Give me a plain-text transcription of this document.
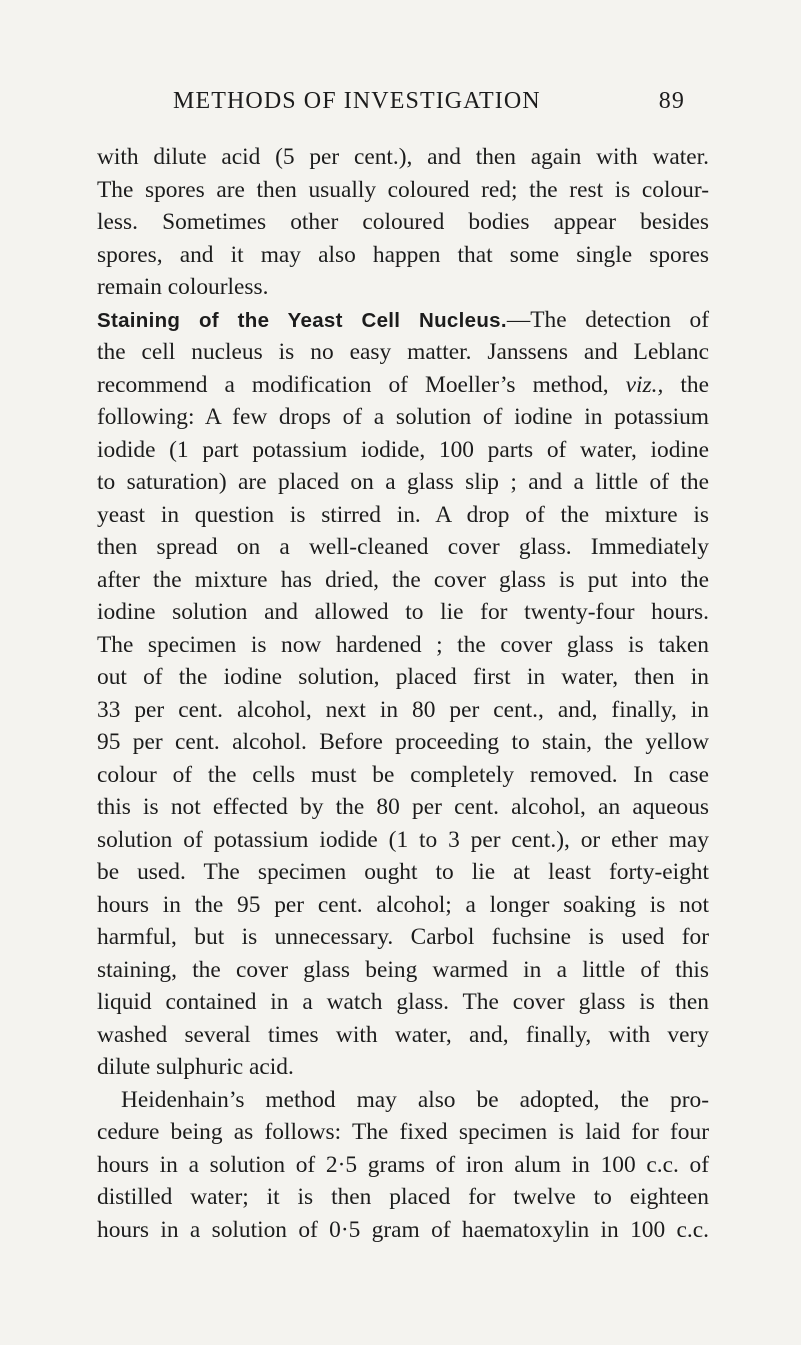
METHODS OF INVESTIGATION	89
with dilute acid (5 per cent.), and then again with water.
The spores are then usually coloured red; the rest is colour-
less. Sometimes other coloured bodies appear besides
spores, and it may also happen that some single spores
remain colourless.
Staining of the Yeast Cell Nucleus.—The detection of
the cell nucleus is no easy matter. Janssens and Leblanc
recommend a modification of Moeller’s method, viz., the
following: A few drops of a solution of iodine in potassium
iodide (1 part potassium iodide, 100 parts of water, iodine
to saturation) are placed on a glass slip ; and a little of the
yeast in question is stirred in. A drop of the mixture is
then spread on a well-cleaned cover glass. Immediately
after the mixture has dried, the cover glass is put into the
iodine solution and allowed to lie for twenty-four hours.
The specimen is now hardened ; the cover glass is taken
out of the iodine solution, placed first in water, then in
33 per cent. alcohol, next in 80 per cent., and, finally, in
95 per cent. alcohol. Before proceeding to stain, the yellow
colour of the cells must be completely removed. In case
this is not effected by the 80 per cent. alcohol, an aqueous
solution of potassium iodide (1 to 3 per cent.), or ether may
be used. The specimen ought to lie at least forty-eight
hours in the 95 per cent. alcohol; a longer soaking is not
harmful, but is unnecessary. Carbol fuchsine is used for
staining, the cover glass being warmed in a little of this
liquid contained in a watch glass. The cover glass is then
washed several times with water, and, finally, with very
dilute sulphuric acid.
Heidenhain’s method may also be adopted, the pro-
cedure being as follows: The fixed specimen is laid for four
hours in a solution of 2·5 grams of iron alum in 100 c.c. of
distilled water; it is then placed for twelve to eighteen
hours in a solution of 0·5 gram of haematoxylin in 100 c.c.
